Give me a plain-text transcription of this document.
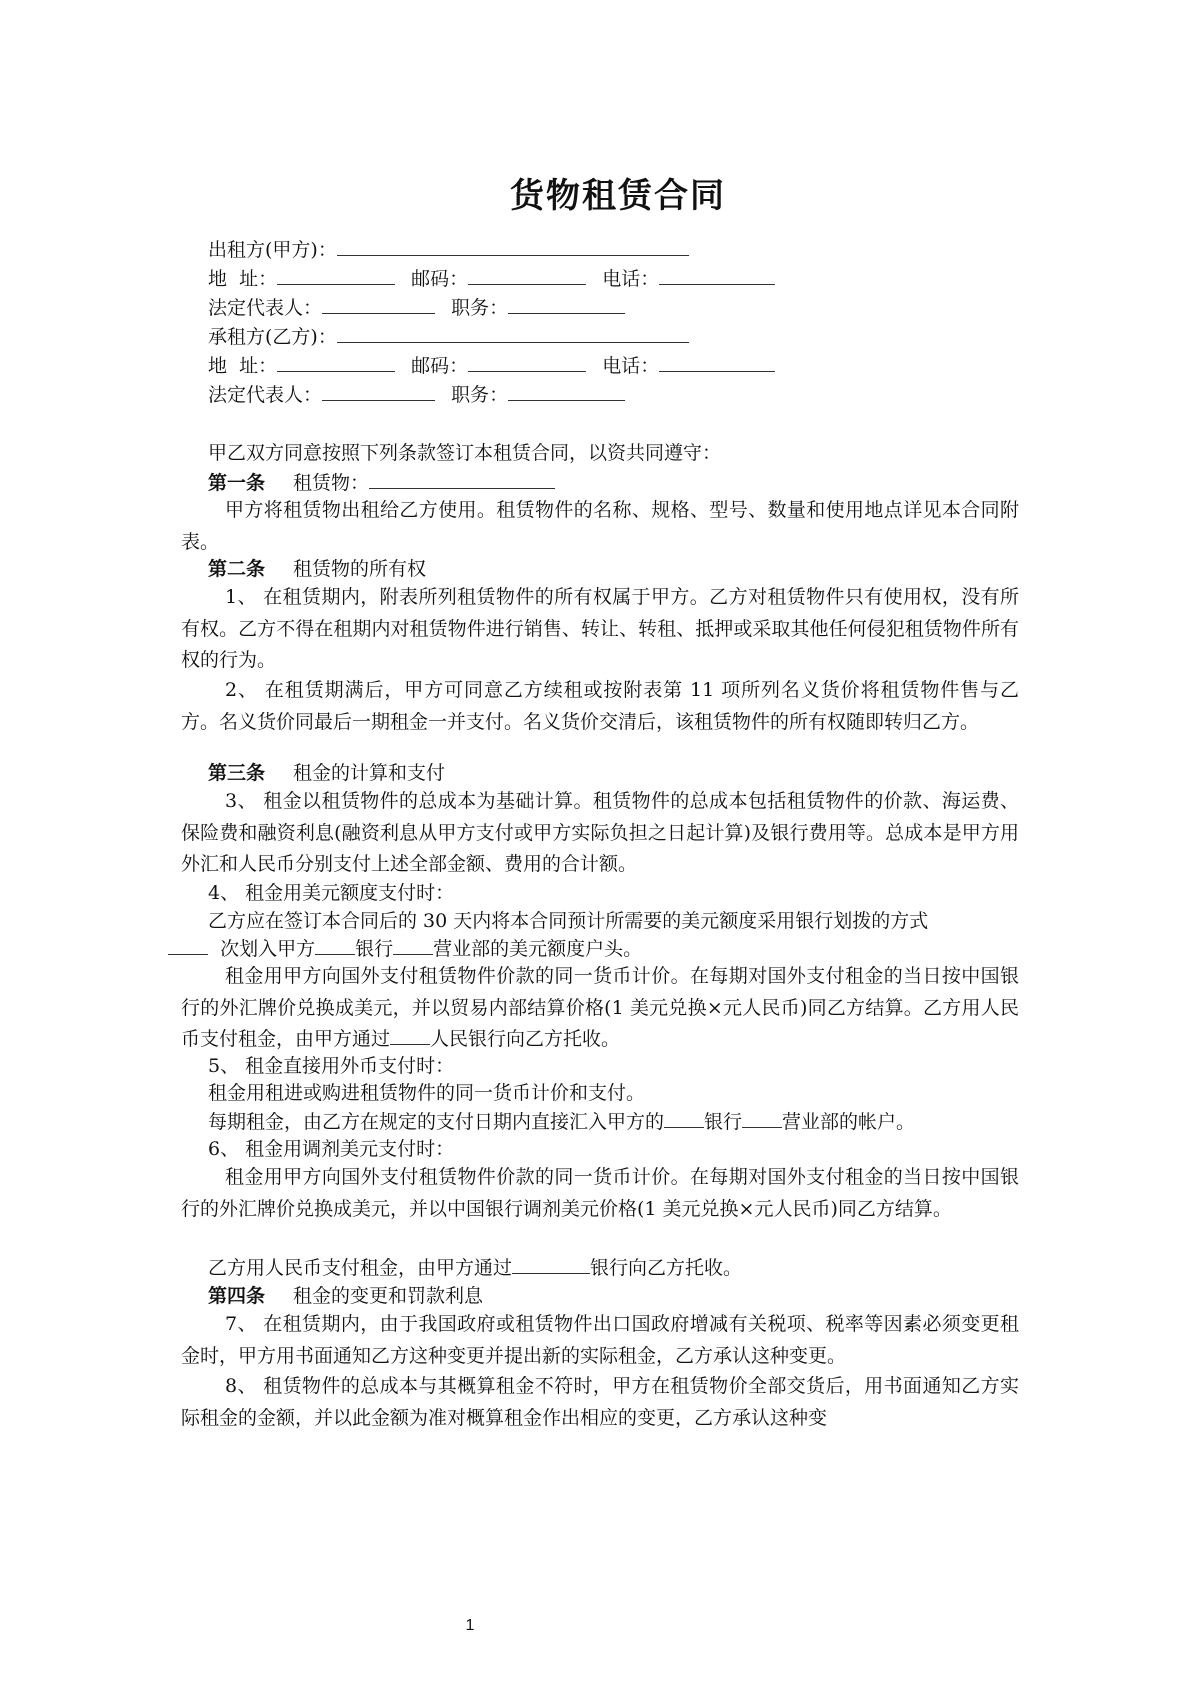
货物租赁合同
出租方(甲方)：
地  址：	邮码：	电话：
法定代表人：	职务：
承租方(乙方)：
地  址：	邮码：	电话：
法定代表人：	职务：
甲乙双方同意按照下列条款签订本租赁合同，以资共同遵守：
第一条 租赁物：
甲方将租赁物出租给乙方使用。租赁物件的名称、规格、型号、数量和使用地点详见本合同附表。
第二条 租赁物的所有权
1、 在租赁期内，附表所列租赁物件的所有权属于甲方。乙方对租赁物件只有使用权，没有所有权。乙方不得在租期内对租赁物件进行销售、转让、转租、抵押或采取其他任何侵犯租赁物件所有权的行为。
2、 在租赁期满后，甲方可同意乙方续租或按附表第 11 项所列名义货价将租赁物件售与乙方。名义货价同最后一期租金一并支付。名义货价交清后，该租赁物件的所有权随即转归乙方。
第三条 租金的计算和支付
3、 租金以租赁物件的总成本为基础计算。租赁物件的总成本包括租赁物件的价款、海运费、保险费和融资利息(融资利息从甲方支付或甲方实际负担之日起计算)及银行费用等。总成本是甲方用外汇和人民币分别支付上述全部金额、费用的合计额。
4、 租金用美元额度支付时：
乙方应在签订本合同后的 30 天内将本合同预计所需要的美元额度采用银行划拨的方式
次划入甲方 银行 营业部的美元额度户头。
租金用甲方向国外支付租赁物件价款的同一货币计价。在每期对国外支付租金的当日按中国银行的外汇牌价兑换成美元，并以贸易内部结算价格(1 美元兑换×元人民币)同乙方结算。乙方用人民币支付租金，由甲方通过 人民银行向乙方托收。
5、 租金直接用外币支付时：
租金用租进或购进租赁物件的同一货币计价和支付。
每期租金，由乙方在规定的支付日期内直接汇入甲方的 银行 营业部的帐户。
6、 租金用调剂美元支付时：
租金用甲方向国外支付租赁物件价款的同一货币计价。在每期对国外支付租金的当日按中国银行的外汇牌价兑换成美元，并以中国银行调剂美元价格(1 美元兑换×元人民币)同乙方结算。
乙方用人民币支付租金，由甲方通过	银行向乙方托收。
第四条 租金的变更和罚款利息
7、 在租赁期内，由于我国政府或租赁物件出口国政府增减有关税项、税率等因素必须变更租金时，甲方用书面通知乙方这种变更并提出新的实际租金，乙方承认这种变更。
8、 租赁物件的总成本与其概算租金不符时，甲方在租赁物价全部交货后，用书面通知乙方实际租金的金额，并以此金额为准对概算租金作出相应的变更，乙方承认这种变
1
